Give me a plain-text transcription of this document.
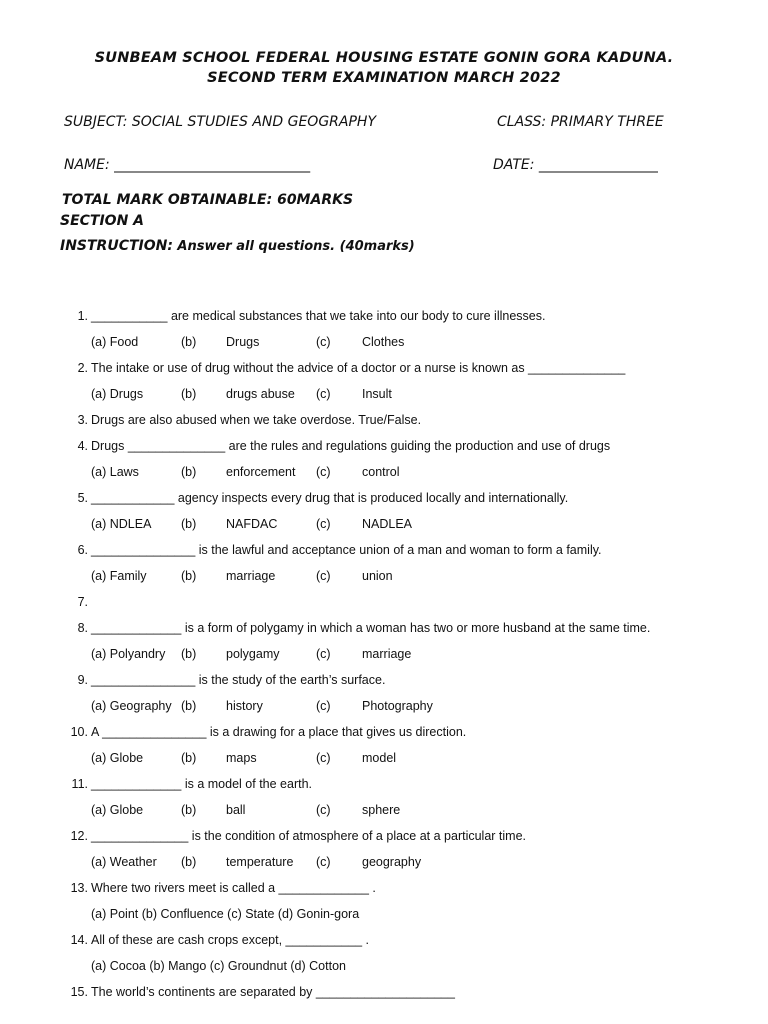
SUNBEAM SCHOOL FEDERAL HOUSING ESTATE GONIN GORA KADUNA.
SECOND TERM EXAMINATION MARCH 2022
SUBJECT: SOCIAL STUDIES AND GEOGRAPHY	CLASS: PRIMARY THREE
NAME: ____________________________	DATE: _________________
TOTAL MARK OBTAINABLE: 60MARKS
SECTION A
INSTRUCTION: Answer all questions. (40marks)
1. ___________ are medical substances that we take into our body to cure illnesses.
(a) Food	(b) Drugs	(c)	Clothes
2. The intake or use of drug without the advice of a doctor or a nurse is known as ______________
(a) Drugs	(b) drugs abuse (c)	Insult
3. Drugs are also abused when we take overdose. True/False.
4. Drugs ______________ are the rules and regulations guiding the production and use of drugs
(a) Laws	(b) enforcement (c)	control
5. ____________ agency inspects every drug that is produced locally and internationally.
(a) NDLEA (b) NAFDAC	(c)	NADLEA
6. _______________ is the lawful and acceptance union of a man and woman to form a family.
(a) Family	(b) marriage	(c)	union
7.
8. _____________ is a form of polygamy in which a woman has two or more husband at the same time.
(a) Polyandry (b) polygamy	(c)	marriage
9. _______________ is the study of the earth’s surface.
(a) Geography (b) history	(c)	Photography
10. A _______________ is a drawing for a place that gives us direction.
(a) Globe	(b) maps	(c)	model
11. _____________ is a model of the earth.
(a) Globe	(b) ball	(c)	sphere
12. ______________ is the condition of atmosphere of a place at a particular time.
(a) Weather (b) temperature (c)	geography
13. Where two rivers meet is called a _____________ .
(a) Point (b) Confluence (c) State (d) Gonin-gora
14. All of these are cash crops except, ___________ .
(a) Cocoa (b) Mango (c) Groundnut (d) Cotton
15. The world’s continents are separated by ____________________
